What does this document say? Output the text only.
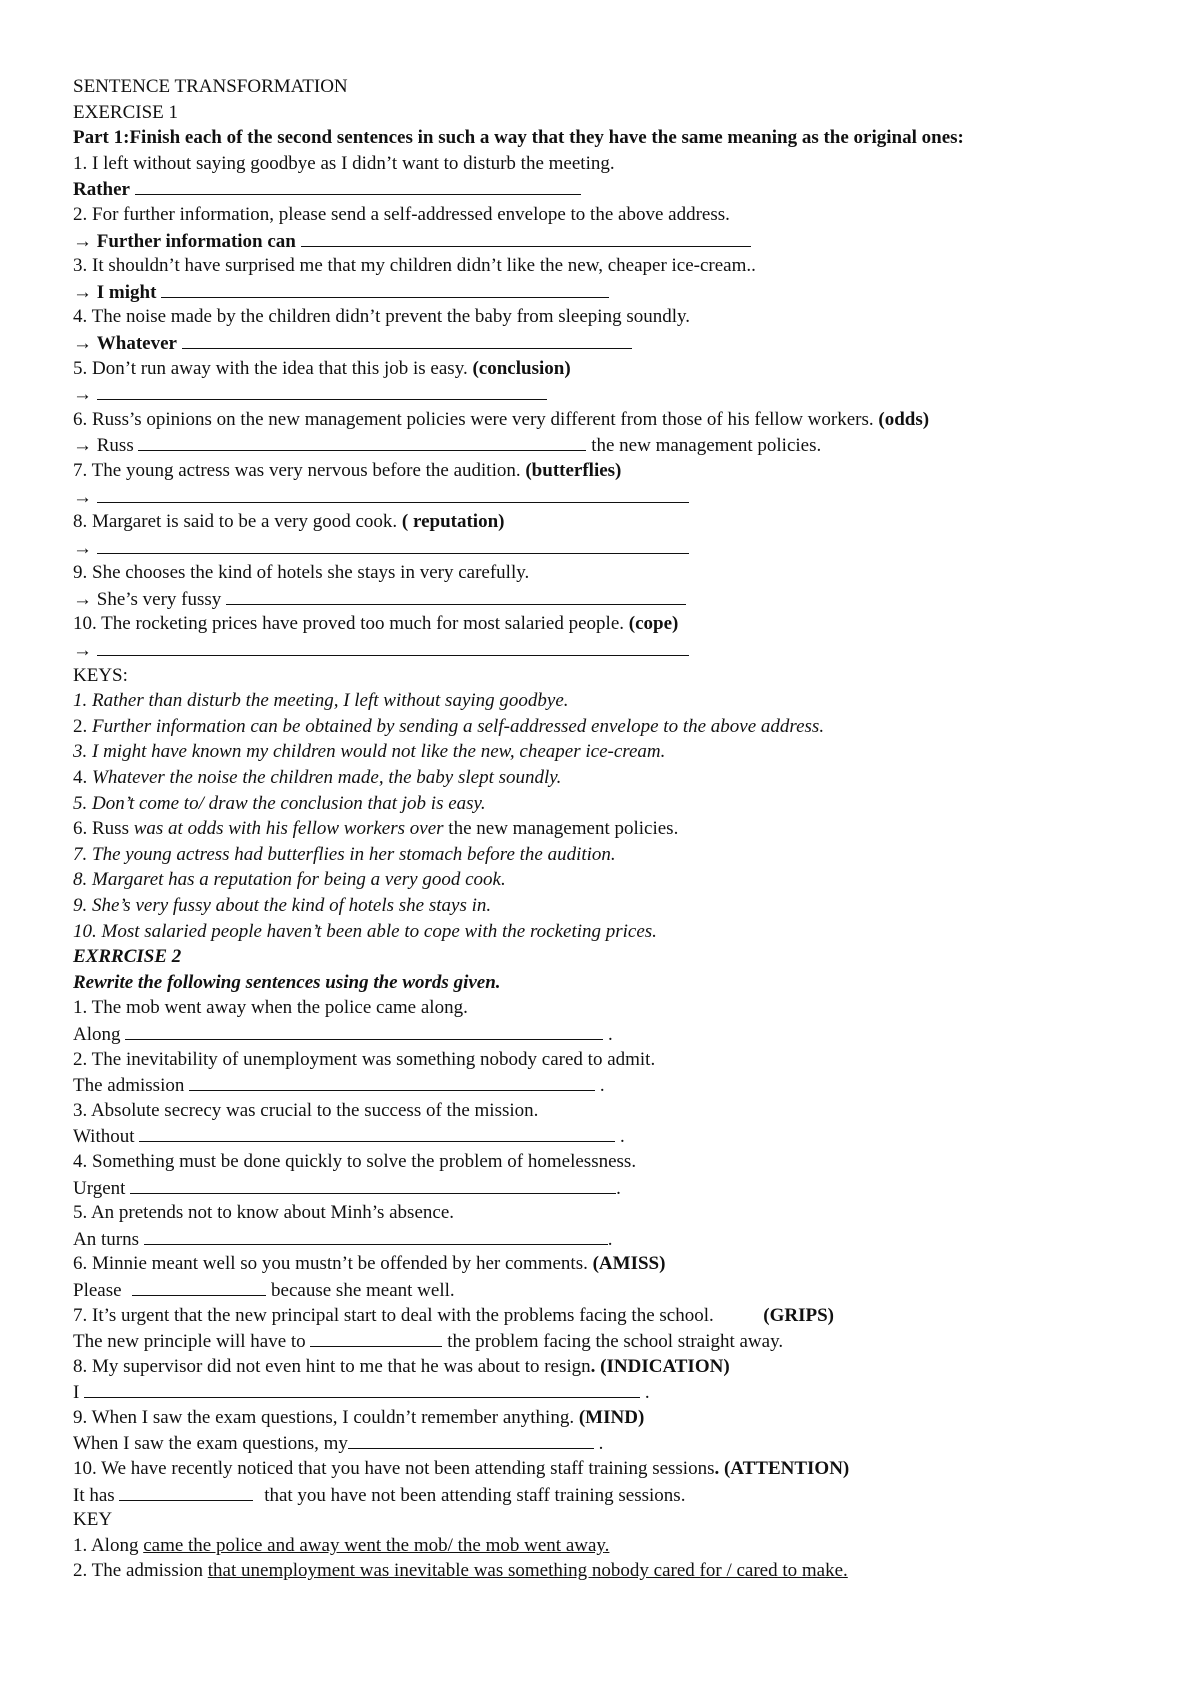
SENTENCE TRANSFORMATION
EXERCISE 1
Part 1:Finish each of the second sentences in such a way that they have the same meaning as the original ones:
1. I left without saying goodbye as I didn’t want to disturb the meeting.
Rather
2. For further information, please send a self-addressed envelope to the above address.
→ Further information can
3. It shouldn’t have surprised me that my children didn’t like the new, cheaper ice-cream..
→ I might
4. The noise made by the children didn’t prevent the baby from sleeping soundly.
→ Whatever
5. Don’t run away with the idea that this job is easy. (conclusion)
→
6. Russ’s opinions on the new management policies were very different from those of his fellow workers. (odds)
→ Russ	the new management policies.
7. The young actress was very nervous before the audition. (butterflies)
→
8. Margaret is said to be a very good cook. ( reputation)
→
9. She chooses the kind of hotels she stays in very carefully.
→ She’s very fussy
10. The rocketing prices have proved too much for most salaried people. (cope)
→
KEYS:
1. Rather than disturb the meeting, I left without saying goodbye.
2. Further information can be obtained by sending a self-addressed envelope to the above address.
3. I might have known my children would not like the new, cheaper ice-cream.
4. Whatever the noise the children made, the baby slept soundly.
5. Don’t come to/ draw the conclusion that job is easy.
6. Russ was at odds with his fellow workers over the new management policies.
7. The young actress had butterflies in her stomach before the audition.
8. Margaret has a reputation for being a very good cook.
9. She’s very fussy about the kind of hotels she stays in.
10. Most salaried people haven’t been able to cope with the rocketing prices.
EXRRCISE 2
Rewrite the following sentences using the words given.
1. The mob went away when the police came along.
Along	.
2. The inevitability of unemployment was something nobody cared to admit.
The admission	.
3. Absolute secrecy was crucial to the success of the mission.
Without	.
4. Something must be done quickly to solve the problem of homelessness.
Urgent	.
5. An pretends not to know about Minh’s absence.
An turns	.
6. Minnie meant well so you mustn’t be offended by her comments. (AMISS)
Please	because she meant well.
7. It’s urgent that the new principal start to deal with the problems facing the school.	(GRIPS)
The new principle will have to	the problem facing the school straight away.
8. My supervisor did not even hint to me that he was about to resign. (INDICATION)
I	.
9. When I saw the exam questions, I couldn’t remember anything. (MIND)
When I saw the exam questions, my	.
10. We have recently noticed that you have not been attending staff training sessions. (ATTENTION)
It has	that you have not been attending staff training sessions.
KEY
1. Along came the police and away went the mob/ the mob went away.
2. The admission that unemployment was inevitable was something nobody cared for / cared to make.
